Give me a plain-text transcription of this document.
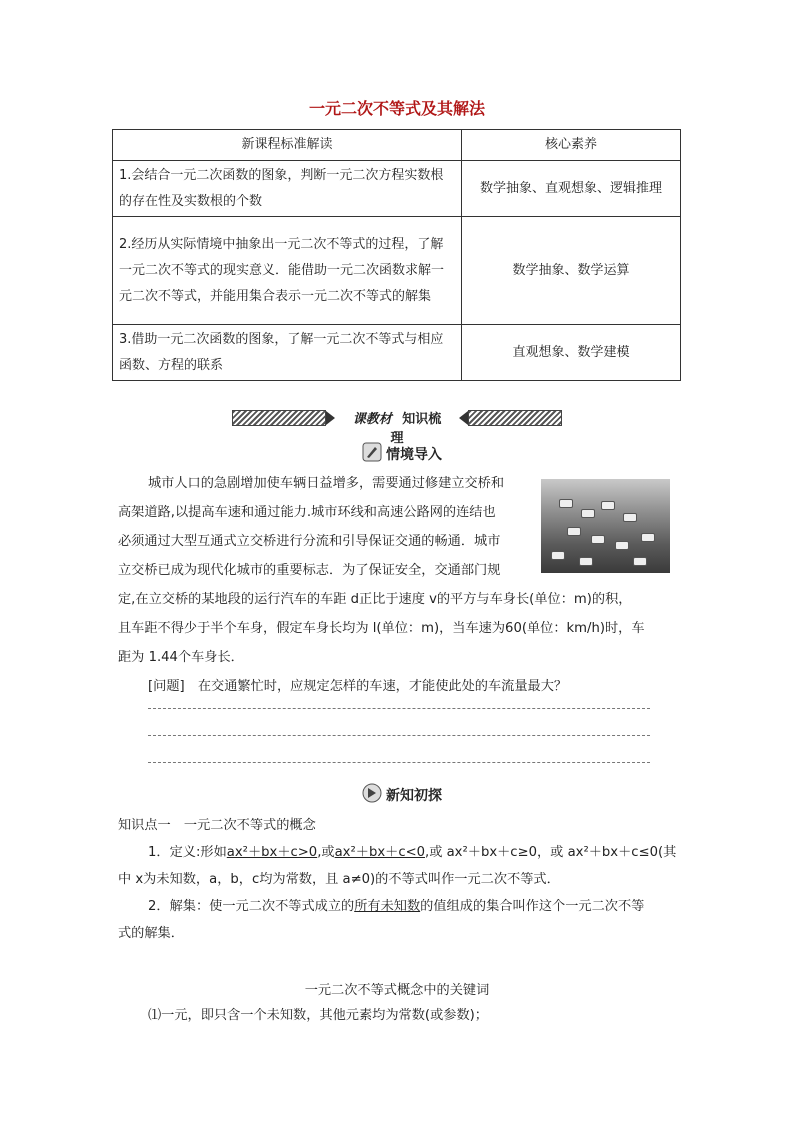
一元二次不等式及其解法
新课程标准解读	核心素养
1.会结合一元二次函数的图象，判断一元二次方程实数根的存在性及实数根的个数	数学抽象、直观想象、逻辑推理
2.经历从实际情境中抽象出一元二次不等式的过程，了解一元二次不等式的现实意义．能借助一元二次函数求解一元二次不等式，并能用集合表示一元二次不等式的解集	数学抽象、数学运算
3.借助一元二次函数的图象，了解一元二次不等式与相应函数、方程的联系	直观想象、数学建模
课教材 知识梳理
情境导入

城市人口的急剧增加使车辆日益增多，需要通过修建立交桥和

高架道路,以提高车速和通过能力.城市环线和高速公路网的连结也

必须通过大型互通式立交桥进行分流和引导保证交通的畅通．城市

立交桥已成为现代化城市的重要标志．为了保证安全，交通部门规

定,在立交桥的某地段的运行汽车的车距 d正比于速度 v的平方与车身长(单位：m)的积，

且车距不得少于半个车身，假定车身长均为 l(单位：m)，当车速为60(单位：km/h)时，车

距为 1.44个车身长．

[问题]　在交通繁忙时，应规定怎样的车速，才能使此处的车流量最大？

新知初探

知识点一　一元二次不等式的概念

1．定义:形如ax²＋bx＋c>0,或ax²＋bx＋c<0,或 ax²＋bx＋c≥0，或 ax²＋bx＋c≤0(其

中 x为未知数，a，b，c均为常数，且 a≠0)的不等式叫作一元二次不等式．

2．解集：使一元二次不等式成立的所有未知数的值组成的集合叫作这个一元二次不等

式的解集．

一元二次不等式概念中的关键词

⑴一元，即只含一个未知数，其他元素均为常数(或参数)；
